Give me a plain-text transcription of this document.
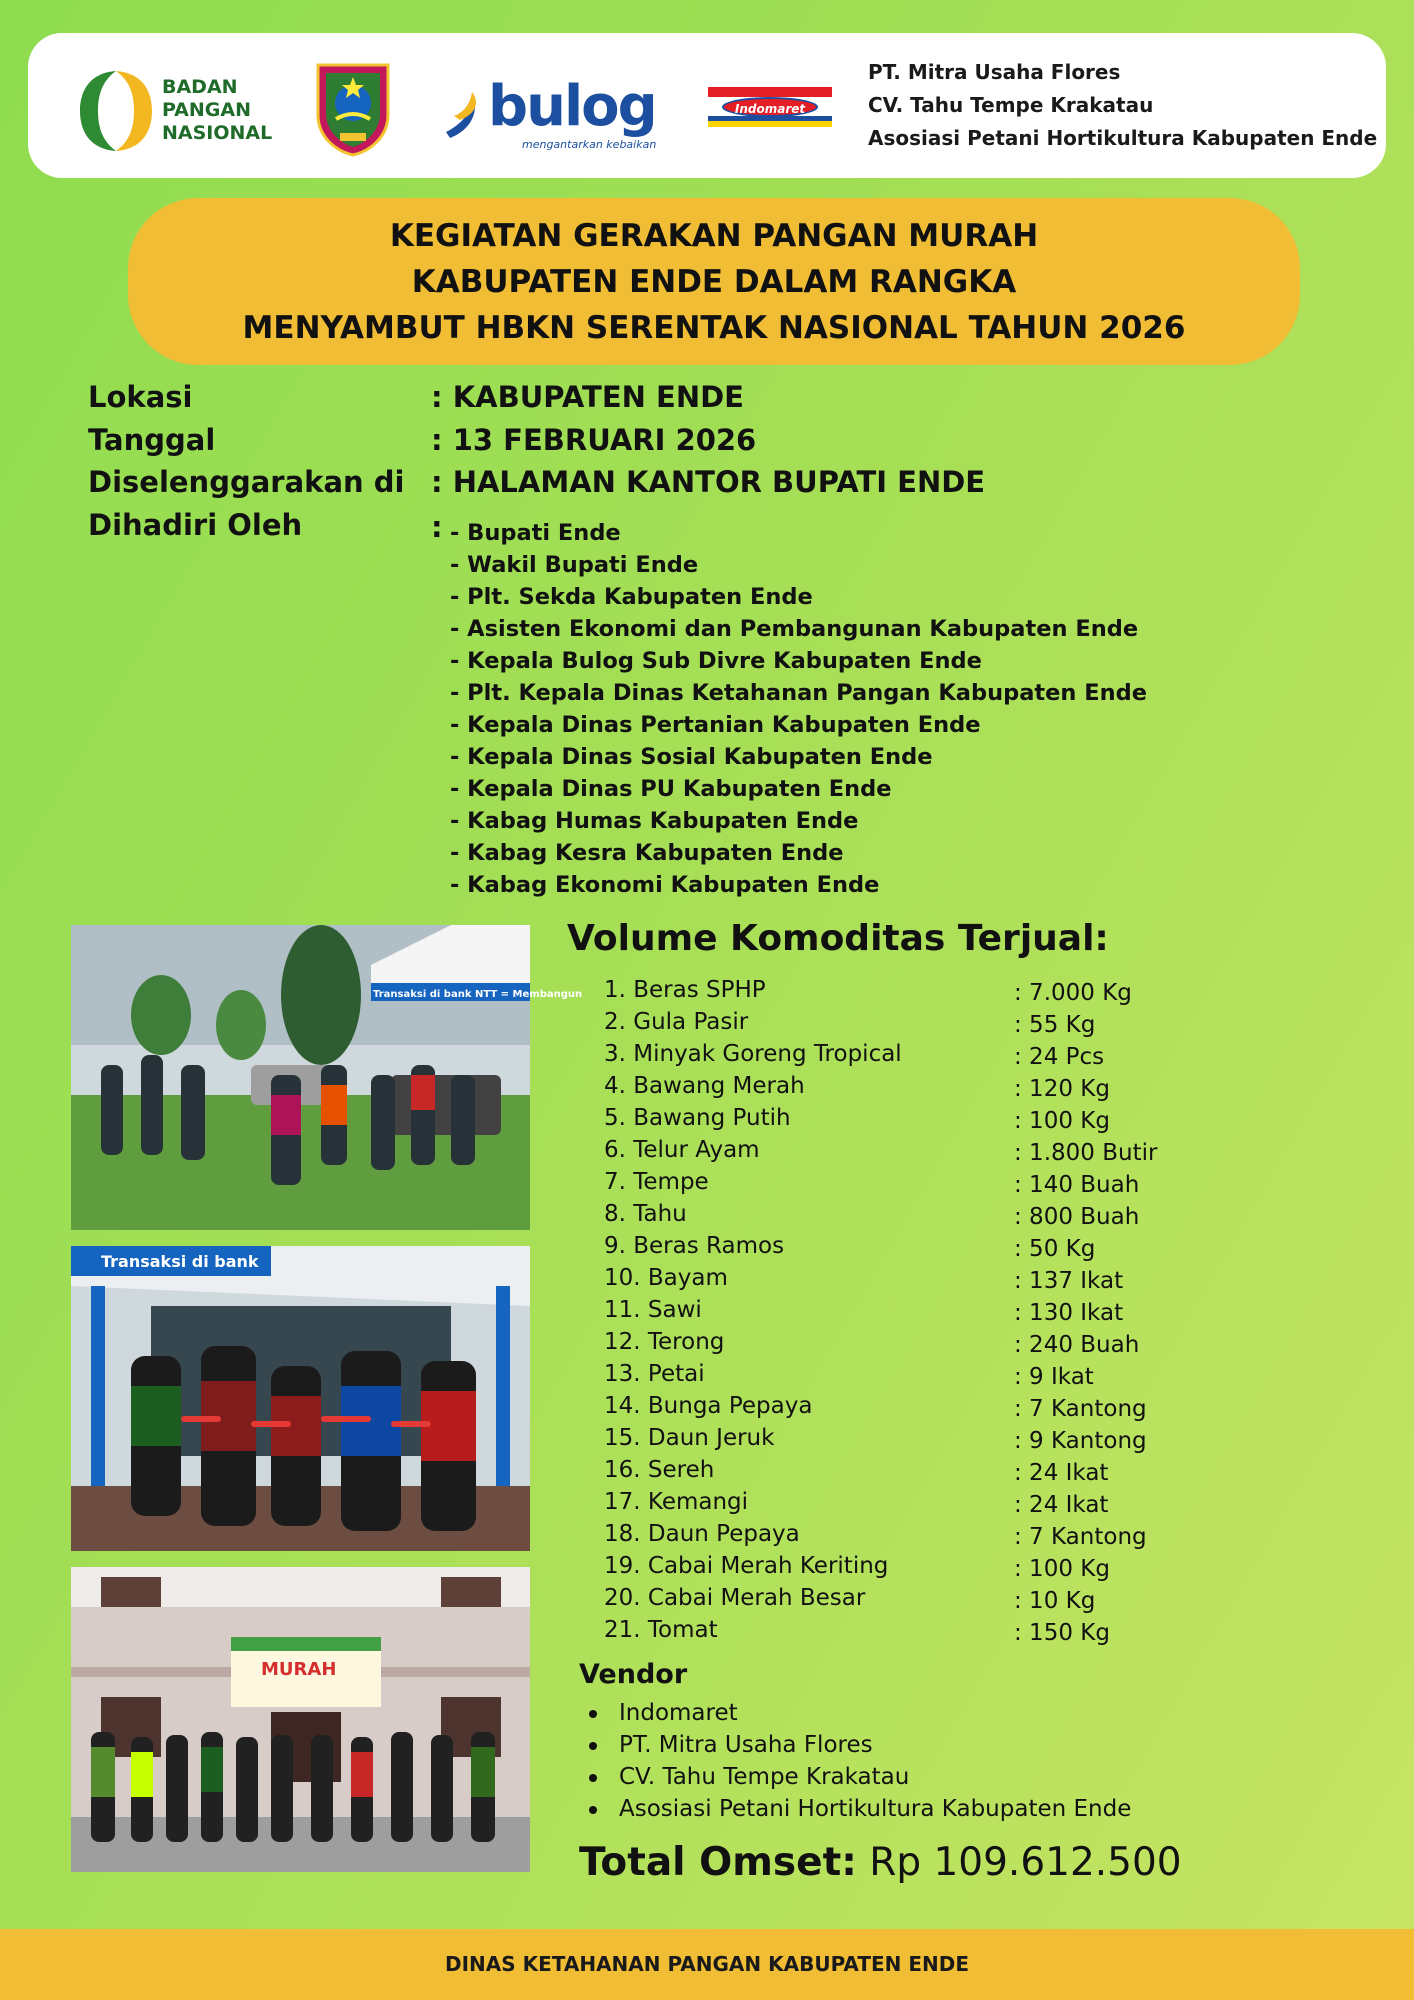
BADAN
PANGAN
NASIONAL	bulog
mengantarkan kebaikan
Indomaret
PT. Mitra Usaha Flores
CV. Tahu Tempe Krakatau
Asosiasi Petani Hortikultura Kabupaten Ende
KEGIATAN GERAKAN PANGAN MURAH
KABUPATEN ENDE DALAM RANGKA
MENYAMBUT HBKN SERENTAK NASIONAL TAHUN 2026
Lokasi	: KABUPATEN ENDE
Tanggal	: 13 FEBRUARI 2026
Diselenggarakan di : HALAMAN KANTOR BUPATI ENDE
Dihadiri Oleh	: - Bupati Ende
- Wakil Bupati Ende
- Plt. Sekda Kabupaten Ende
- Asisten Ekonomi dan Pembangunan Kabupaten Ende
- Kepala Bulog Sub Divre Kabupaten Ende
- Plt. Kepala Dinas Ketahanan Pangan Kabupaten Ende
- Kepala Dinas Pertanian Kabupaten Ende
- Kepala Dinas Sosial Kabupaten Ende
- Kepala Dinas PU Kabupaten Ende
- Kabag Humas Kabupaten Ende
- Kabag Kesra Kabupaten Ende
- Kabag Ekonomi Kabupaten Ende
Transaksi di bank NTT = Membangun
Transaksi di bank
MURAH
Volume Komoditas Terjual:
1. Beras SPHP	: 7.000 Kg
2. Gula Pasir	: 55 Kg
3. Minyak Goreng Tropical	: 24 Pcs
4. Bawang Merah	: 120 Kg
5. Bawang Putih	: 100 Kg
6. Telur Ayam	: 1.800 Butir
7. Tempe	: 140 Buah
8. Tahu	: 800 Buah
9. Beras Ramos	: 50 Kg
10. Bayam	: 137 Ikat
11. Sawi	: 130 Ikat
12. Terong	: 240 Buah
13. Petai	: 9 Ikat
14. Bunga Pepaya	: 7 Kantong
15. Daun Jeruk	: 9 Kantong
16. Sereh	: 24 Ikat
17. Kemangi	: 24 Ikat
18. Daun Pepaya	: 7 Kantong
19. Cabai Merah Keriting	: 100 Kg
20. Cabai Merah Besar	: 10 Kg
21. Tomat	: 150 Kg
Vendor
Indomaret
PT. Mitra Usaha Flores
CV. Tahu Tempe Krakatau
Asosiasi Petani Hortikultura Kabupaten Ende
Total Omset: Rp 109.612.500
DINAS KETAHANAN PANGAN KABUPATEN ENDE
